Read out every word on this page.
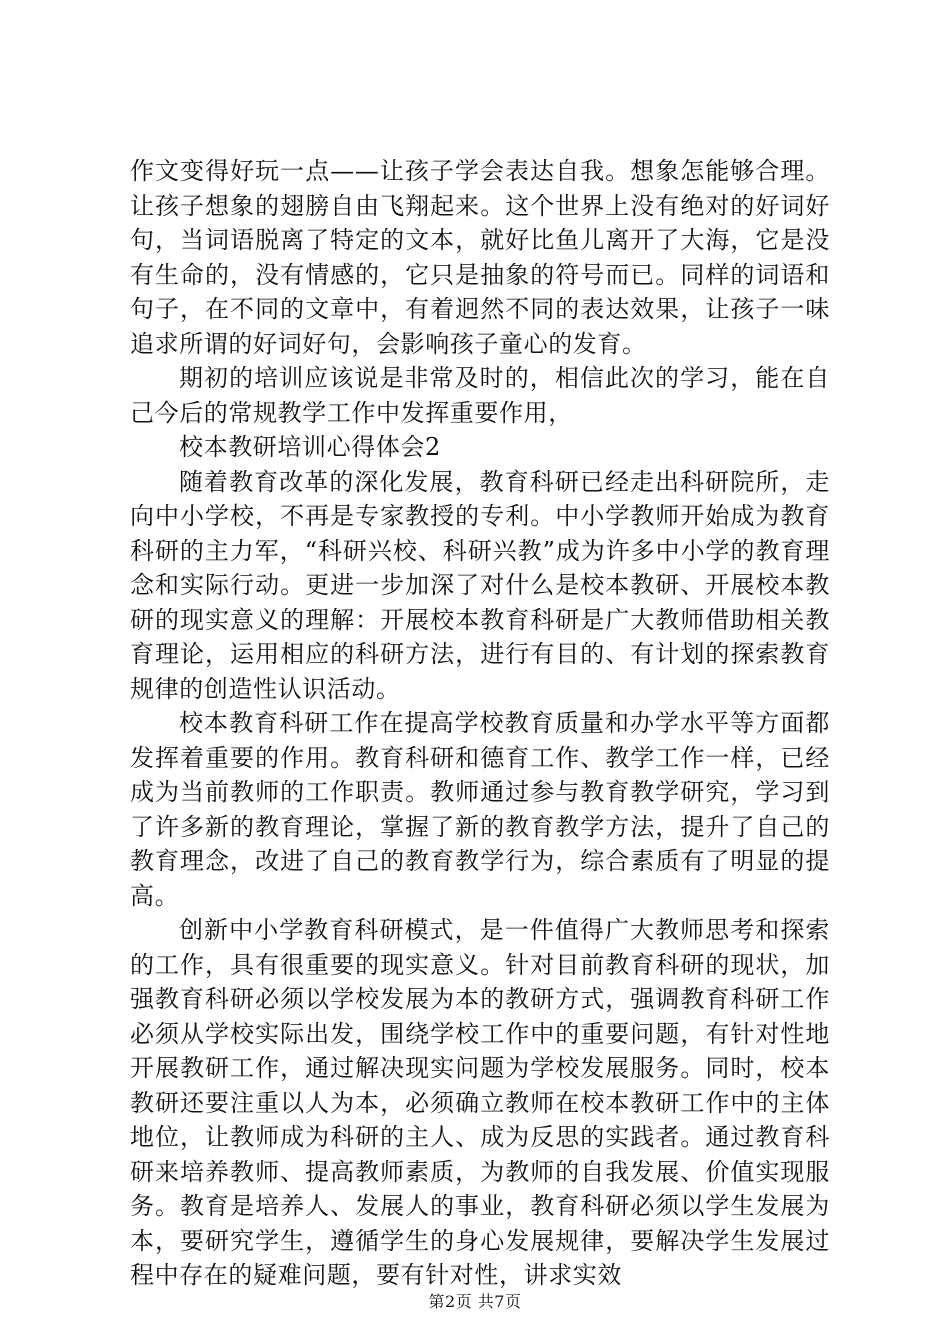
作文变得好玩一点——让孩子学会表达自我。想象怎能够合理。让孩子想象的翅膀自由飞翔起来。这个世界上没有绝对的好词好句，当词语脱离了特定的文本，就好比鱼儿离开了大海，它是没有生命的，没有情感的，它只是抽象的符号而已。同样的词语和句子，在不同的文章中，有着迥然不同的表达效果，让孩子一味追求所谓的好词好句，会影响孩子童心的发育。

期初的培训应该说是非常及时的，相信此次的学习，能在自己今后的常规教学工作中发挥重要作用，

校本教研培训心得体会2

随着教育改革的深化发展，教育科研已经走出科研院所，走向中小学校，不再是专家教授的专利。中小学教师开始成为教育科研的主力军，“科研兴校、科研兴教”成为许多中小学的教育理念和实际行动。更进一步加深了对什么是校本教研、开展校本教研的现实意义的理解：开展校本教育科研是广大教师借助相关教育理论，运用相应的科研方法，进行有目的、有计划的探索教育规律的创造性认识活动。

校本教育科研工作在提高学校教育质量和办学水平等方面都发挥着重要的作用。教育科研和德育工作、教学工作一样，已经成为当前教师的工作职责。教师通过参与教育教学研究，学习到了许多新的教育理论，掌握了新的教育教学方法，提升了自己的教育理念，改进了自己的教育教学行为，综合素质有了明显的提高。

创新中小学教育科研模式，是一件值得广大教师思考和探索的工作，具有很重要的现实意义。针对目前教育科研的现状，加强教育科研必须以学校发展为本的教研方式，强调教育科研工作必须从学校实际出发，围绕学校工作中的重要问题，有针对性地开展教研工作，通过解决现实问题为学校发展服务。同时，校本教研还要注重以人为本，必须确立教师在校本教研工作中的主体地位，让教师成为科研的主人、成为反思的实践者。通过教育科研来培养教师、提高教师素质，为教师的自我发展、价值实现服务。教育是培养人、发展人的事业，教育科研必须以学生发展为本，要研究学生，遵循学生的身心发展规律，要解决学生发展过程中存在的疑难问题，要有针对性，讲求实效

第2页 共7页
